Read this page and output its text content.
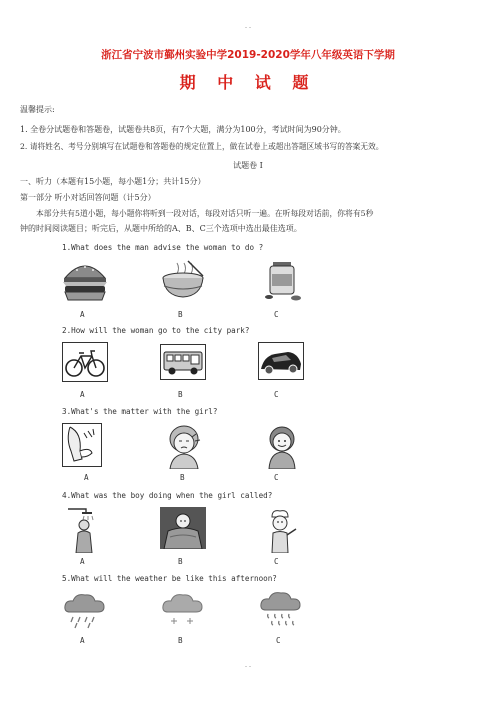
- -
浙江省宁波市鄞州实验中学2019-2020学年八年级英语下学期
期 中 试 题
温馨提示:
1. 全卷分试题卷和答题卷，试题卷共8页，有7个大题，满分为100分，考试时间为90分钟。
2. 请将姓名、考号分别填写在试题卷和答题卷的规定位置上，做在试卷上或超出答题区域书写的答案无效。
试题卷 I
一、听力（本题有15小题，每小题1分；共计15分）
第一部分 听小对话回答问题（计5分）
本部分共有5道小题，每小题你将听到一段对话，每段对话只听一遍。在听每段对话前，你将有5秒
钟的时间阅读题目；听完后，从题中所给的A、B、C三个选项中选出最佳选项。
1.What does the man advise the woman to do ?
A	B	C
2.How will the woman go to the city park?
A	B	C
3.What's the matter with the girl?
A	B	C
4.What was the boy doing when the girl called?
A	B	C
5.What will the weather be like this afternoon?
A	B	C
- -
